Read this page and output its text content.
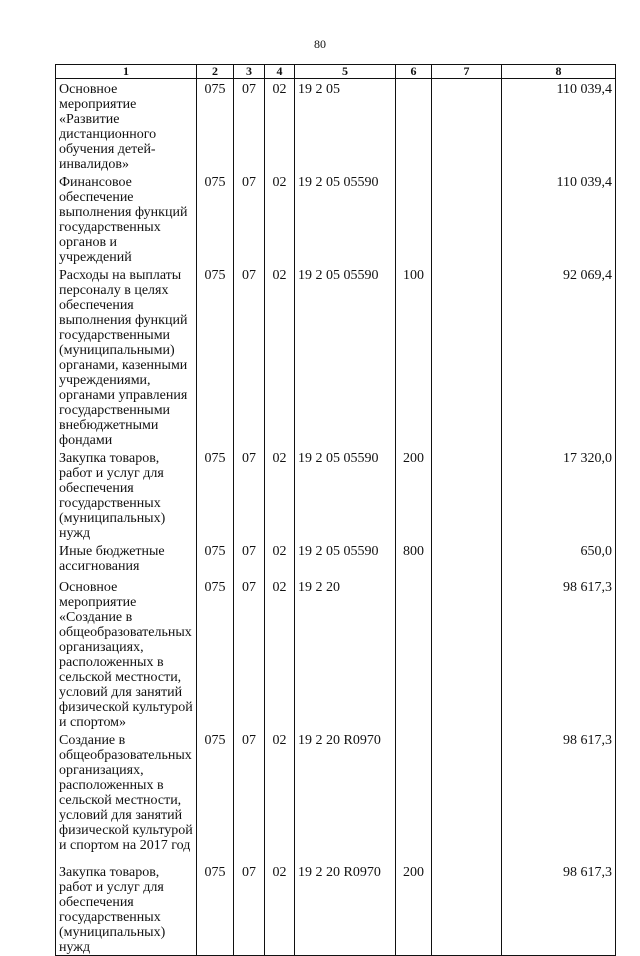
80
1	2	3	4	5	6	7	8
Основное мероприятие «Развитие дистанционного обучения детей-инвалидов»	075	07	02	19 2 05			110 039,4
Финансовое обеспечение выполнения функций государственных органов и учреждений	075	07	02	19 2 05 05590			110 039,4
Расходы на выплаты персоналу в целях обеспечения выполнения функций государственными (муниципальными) органами, казенными учреждениями, органами управления государственными внебюджетными фондами	075	07	02	19 2 05 05590	100		92 069,4
Закупка товаров, работ и услуг для обеспечения государственных (муниципальных) нужд	075	07	02	19 2 05 05590	200		17 320,0
Иные бюджетные ассигнования	075	07	02	19 2 05 05590	800		650,0
Основное мероприятие «Создание в общеобразовательных организациях, расположенных в сельской местности, условий для занятий физической культурой и спортом»	075	07	02	19 2 20			98 617,3
Создание в общеобразовательных организациях, расположенных в сельской местности, условий для занятий физической культурой и спортом на 2017 год	075	07	02	19 2 20 R0970			98 617,3
Закупка товаров, работ и услуг для обеспечения государственных (муниципальных) нужд	075	07	02	19 2 20 R0970	200		98 617,3
